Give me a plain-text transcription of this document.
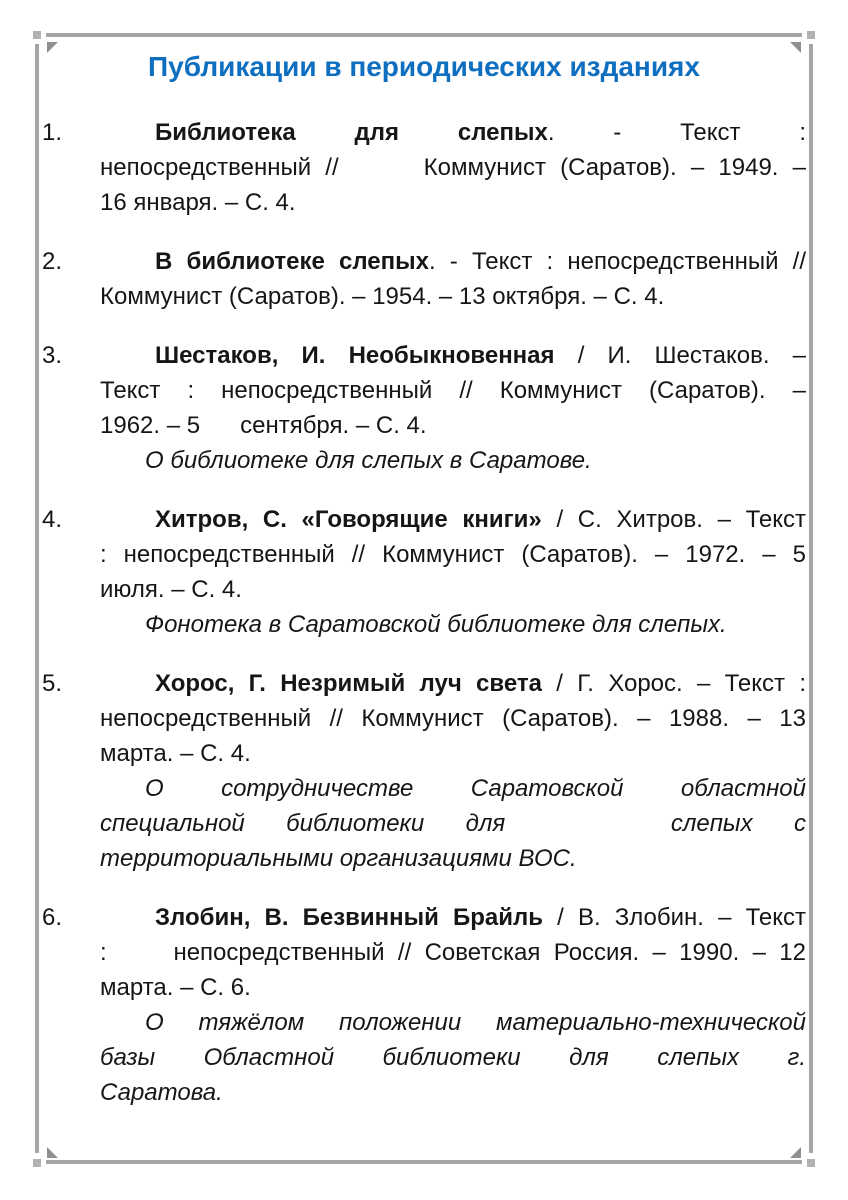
Публикации в периодических изданиях
1.	Библиотека для слепых. - Текст :
непосредственный //      Коммунист (Саратов). – 1949. –
16 января. – С. 4.
2.	В библиотеке слепых. - Текст : непосредственный //
Коммунист (Саратов). – 1954. – 13 октября. – С. 4.
3.	Шестаков, И. Необыкновенная / И. Шестаков. –
Текст : непосредственный // Коммунист (Саратов). –
1962. – 5      сентября. – С. 4.
О библиотеке для слепых в Саратове.
4.	Хитров, С. «Говорящие книги» / С. Хитров. – Текст
: непосредственный // Коммунист (Саратов). – 1972. – 5
июля. – С. 4.
Фонотека в Саратовской библиотеке для слепых.
5.	Хорос, Г. Незримый луч света / Г. Хорос. – Текст :
непосредственный // Коммунист (Саратов). – 1988. – 13
марта. – С. 4.
О сотрудничестве Саратовской областной
специальной библиотеки для    слепых с
территориальными организациями ВОС.
6.	Злобин, В. Безвинный Брайль / В. Злобин. – Текст
:     непосредственный // Советская Россия. – 1990. – 12
марта. – С. 6.
О тяжёлом положении материально-технической
базы Областной библиотеки для слепых г.
Саратова.
